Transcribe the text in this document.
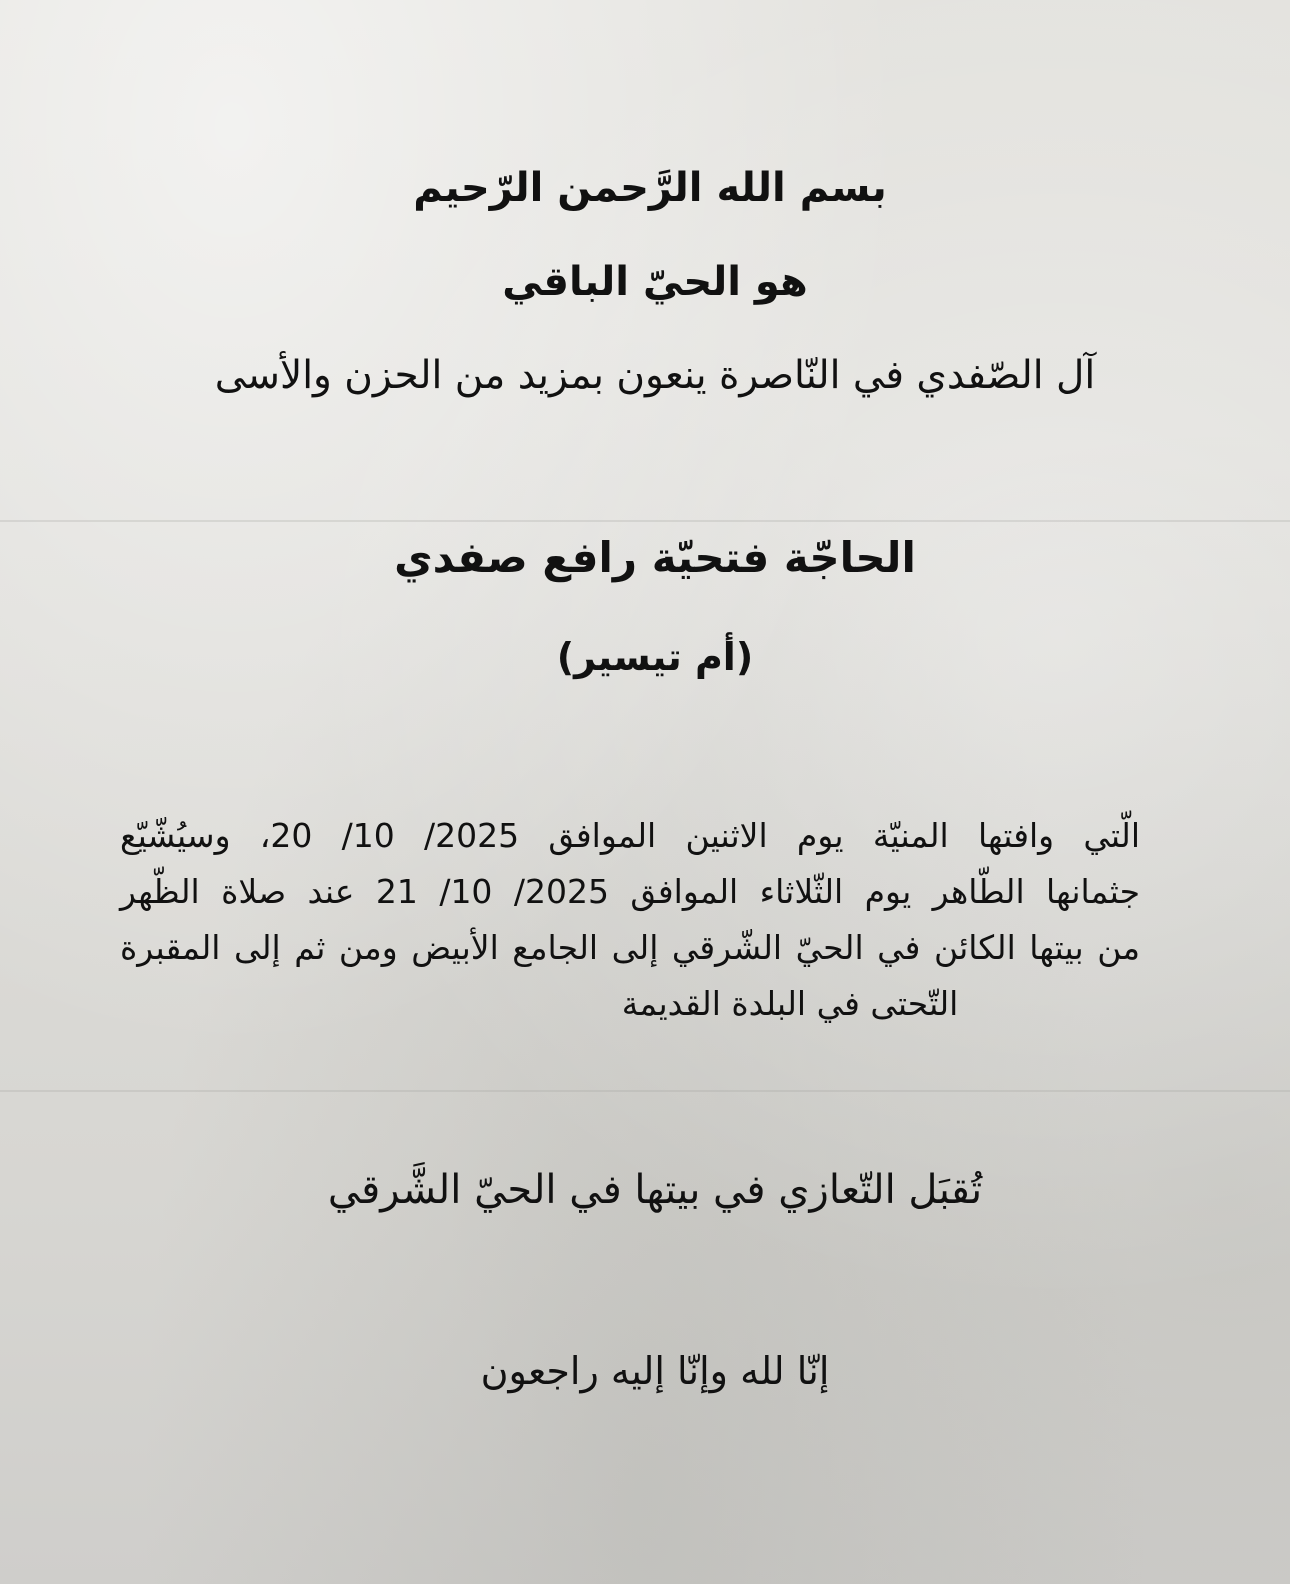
بسم الله الرَّحمن الرّحيم
هو الحيّ الباقي
آل الصّفدي في النّاصرة ينعون بمزيد من الحزن والأسى
الحاجّة فتحيّة رافع صفدي
(أم تيسير)
الّتي وافتها المنيّة يوم الاثنين الموافق 2025/ 10/ 20، وسيُشّيّع
جثمانها الطّاهر يوم الثّلاثاء الموافق 2025/ 10/ 21 عند صلاة الظّهر
من بيتها الكائن في الحيّ الشّرقي إلى الجامع الأبيض ومن ثم إلى المقبرة
التّحتى في البلدة القديمة
تُقبَل التّعازي في بيتها في الحيّ الشَّرقي
إنّا لله وإنّا إليه راجعون
